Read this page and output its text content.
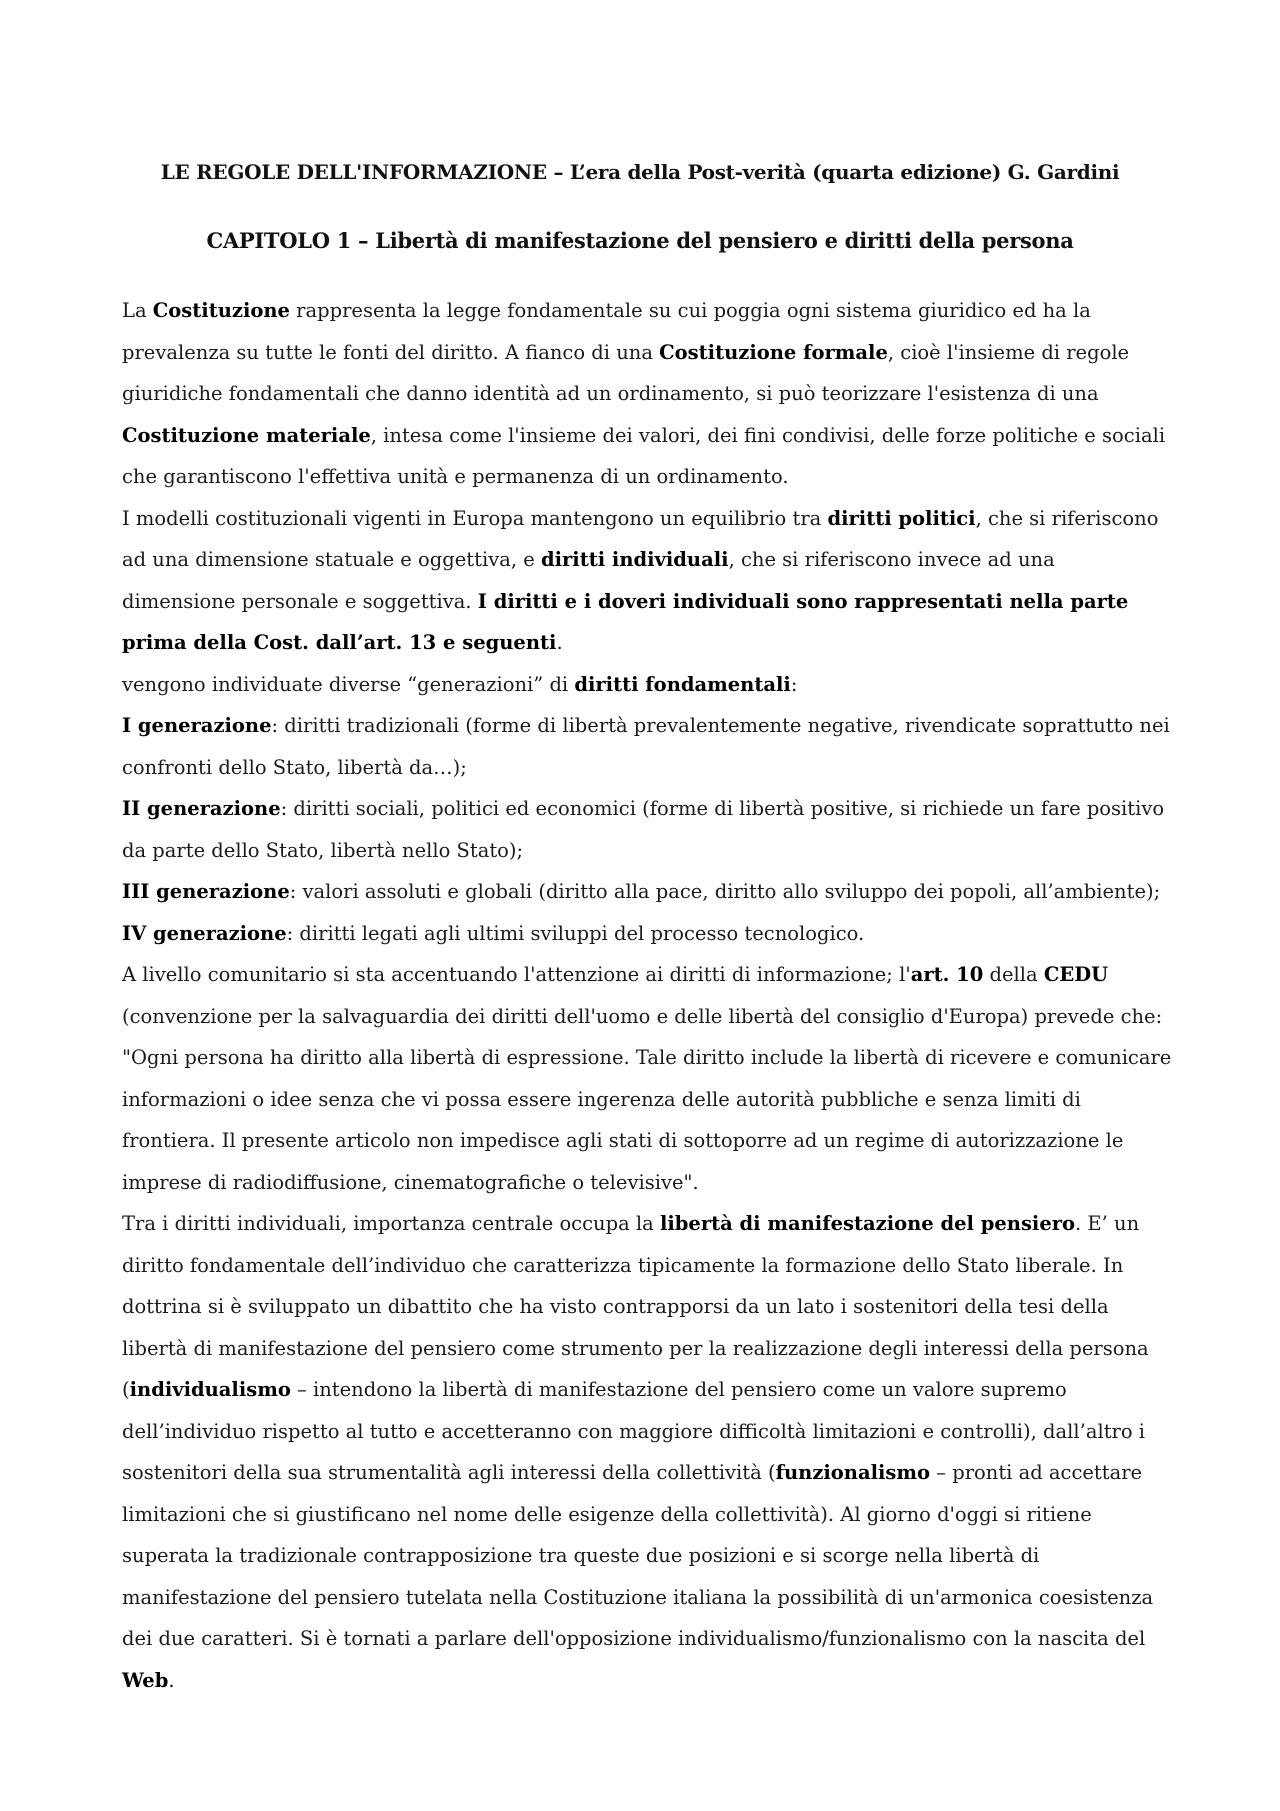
LE REGOLE DELL'INFORMAZIONE – L’era della Post-verità (quarta edizione) G. Gardini
CAPITOLO 1 – Libertà di manifestazione del pensiero e diritti della persona

La Costituzione rappresenta la legge fondamentale su cui poggia ogni sistema giuridico ed ha la prevalenza su tutte le fonti del diritto. A fianco di una Costituzione formale, cioè l'insieme di regole giuridiche fondamentali che danno identità ad un ordinamento, si può teorizzare l'esistenza di una Costituzione materiale, intesa come l'insieme dei valori, dei fini condivisi, delle forze politiche e sociali che garantiscono l'effettiva unità e permanenza di un ordinamento.

I modelli costituzionali vigenti in Europa mantengono un equilibrio tra diritti politici, che si riferiscono ad una dimensione statuale e oggettiva, e diritti individuali, che si riferiscono invece ad una dimensione personale e soggettiva. I diritti e i doveri individuali sono rappresentati nella parte prima della Cost. dall’art. 13 e seguenti.

vengono individuate diverse “generazioni” di diritti fondamentali:

I generazione: diritti tradizionali (forme di libertà prevalentemente negative, rivendicate soprattutto nei confronti dello Stato, libertà da…);

II generazione: diritti sociali, politici ed economici (forme di libertà positive, si richiede un fare positivo da parte dello Stato, libertà nello Stato);

III generazione: valori assoluti e globali (diritto alla pace, diritto allo sviluppo dei popoli, all’ambiente);

IV generazione: diritti legati agli ultimi sviluppi del processo tecnologico.

A livello comunitario si sta accentuando l'attenzione ai diritti di informazione; l'art. 10 della CEDU (convenzione per la salvaguardia dei diritti dell'uomo e delle libertà del consiglio d'Europa) prevede che: "Ogni persona ha diritto alla libertà di espressione. Tale diritto include la libertà di ricevere e comunicare informazioni o idee senza che vi possa essere ingerenza delle autorità pubbliche e senza limiti di frontiera. Il presente articolo non impedisce agli stati di sottoporre ad un regime di autorizzazione le imprese di radiodiffusione, cinematografiche o televisive".

Tra i diritti individuali, importanza centrale occupa la libertà di manifestazione del pensiero. E’ un diritto fondamentale dell’individuo che caratterizza tipicamente la formazione dello Stato liberale. In dottrina si è sviluppato un dibattito che ha visto contrapporsi da un lato i sostenitori della tesi della libertà di manifestazione del pensiero come strumento per la realizzazione degli interessi della persona (individualismo – intendono la libertà di manifestazione del pensiero come un valore supremo dell’individuo rispetto al tutto e accetteranno con maggiore difficoltà limitazioni e controlli), dall’altro i sostenitori della sua strumentalità agli interessi della collettività (funzionalismo – pronti ad accettare limitazioni che si giustificano nel nome delle esigenze della collettività). Al giorno d'oggi si ritiene superata la tradizionale contrapposizione tra queste due posizioni e si scorge nella libertà di manifestazione del pensiero tutelata nella Costituzione italiana la possibilità di un'armonica coesistenza dei due caratteri. Si è tornati a parlare dell'opposizione individualismo/funzionalismo con la nascita del Web.
